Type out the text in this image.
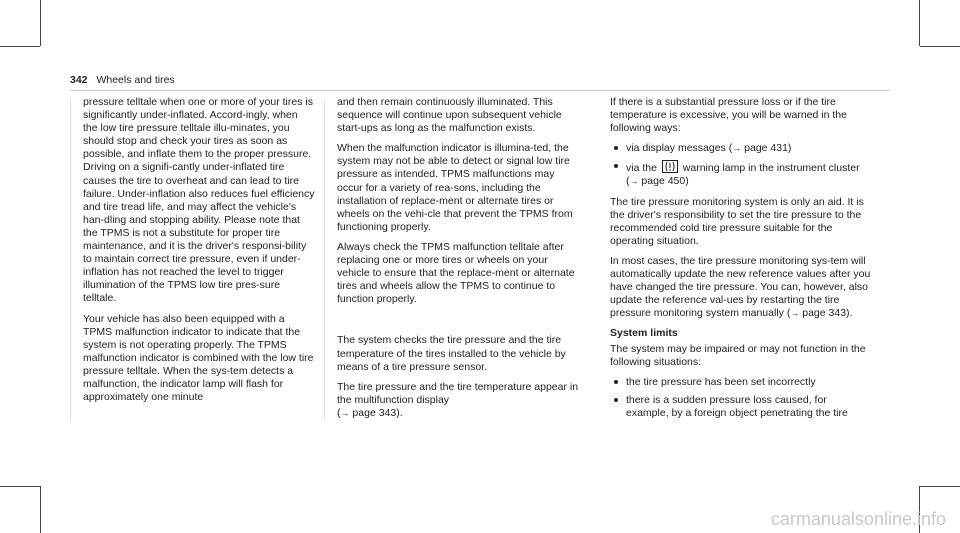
342 Wheels and tires

pressure telltale when one or more of your tires is significantly under-inflated. Accord-ingly, when the low tire pressure telltale illu-minates, you should stop and check your tires as soon as possible, and inflate them to the proper pressure. Driving on a signifi-cantly under-inflated tire causes the tire to overheat and can lead to tire failure. Under-inflation also reduces fuel efficiency and tire tread life, and may affect the vehicle's han-dling and stopping ability. Please note that the TPMS is not a substitute for proper tire maintenance, and it is the driver's responsi-bility to maintain correct tire pressure, even if under-inflation has not reached the level to trigger illumination of the TPMS low tire pres-sure telltale.

Your vehicle has also been equipped with a TPMS malfunction indicator to indicate that the system is not operating properly. The TPMS malfunction indicator is combined with the low tire pressure telltale. When the sys-tem detects a malfunction, the indicator lamp will flash for approximately one minute

and then remain continuously illuminated. This sequence will continue upon subsequent vehicle start-ups as long as the malfunction exists.

When the malfunction indicator is illumina-ted, the system may not be able to detect or signal low tire pressure as intended. TPMS malfunctions may occur for a variety of rea-sons, including the installation of replace-ment or alternate tires or wheels on the vehi-cle that prevent the TPMS from functioning properly.

Always check the TPMS malfunction telltale after replacing one or more tires or wheels on your vehicle to ensure that the replace-ment or alternate tires and wheels allow the TPMS to continue to function properly.

The system checks the tire pressure and the tire temperature of the tires installed to the vehicle by means of a tire pressure sensor.

The tire pressure and the tire temperature appear in the multifunction display
(→ page 343).

If there is a substantial pressure loss or if the tire temperature is excessive, you will be warned in the following ways:

via display messages (→ page 431)
via the warning lamp in the instrument cluster (→ page 450)

The tire pressure monitoring system is only an aid. It is the driver's responsibility to set the tire pressure to the recommended cold tire pressure suitable for the operating situation.

In most cases, the tire pressure monitoring sys-tem will automatically update the new reference values after you have changed the tire pressure. You can, however, also update the reference val-ues by restarting the tire pressure monitoring system manually (→ page 343).

System limits

The system may be impaired or may not function in the following situations:

the tire pressure has been set incorrectly
there is a sudden pressure loss caused, for example, by a foreign object penetrating the tire
carmanualsonline.info
